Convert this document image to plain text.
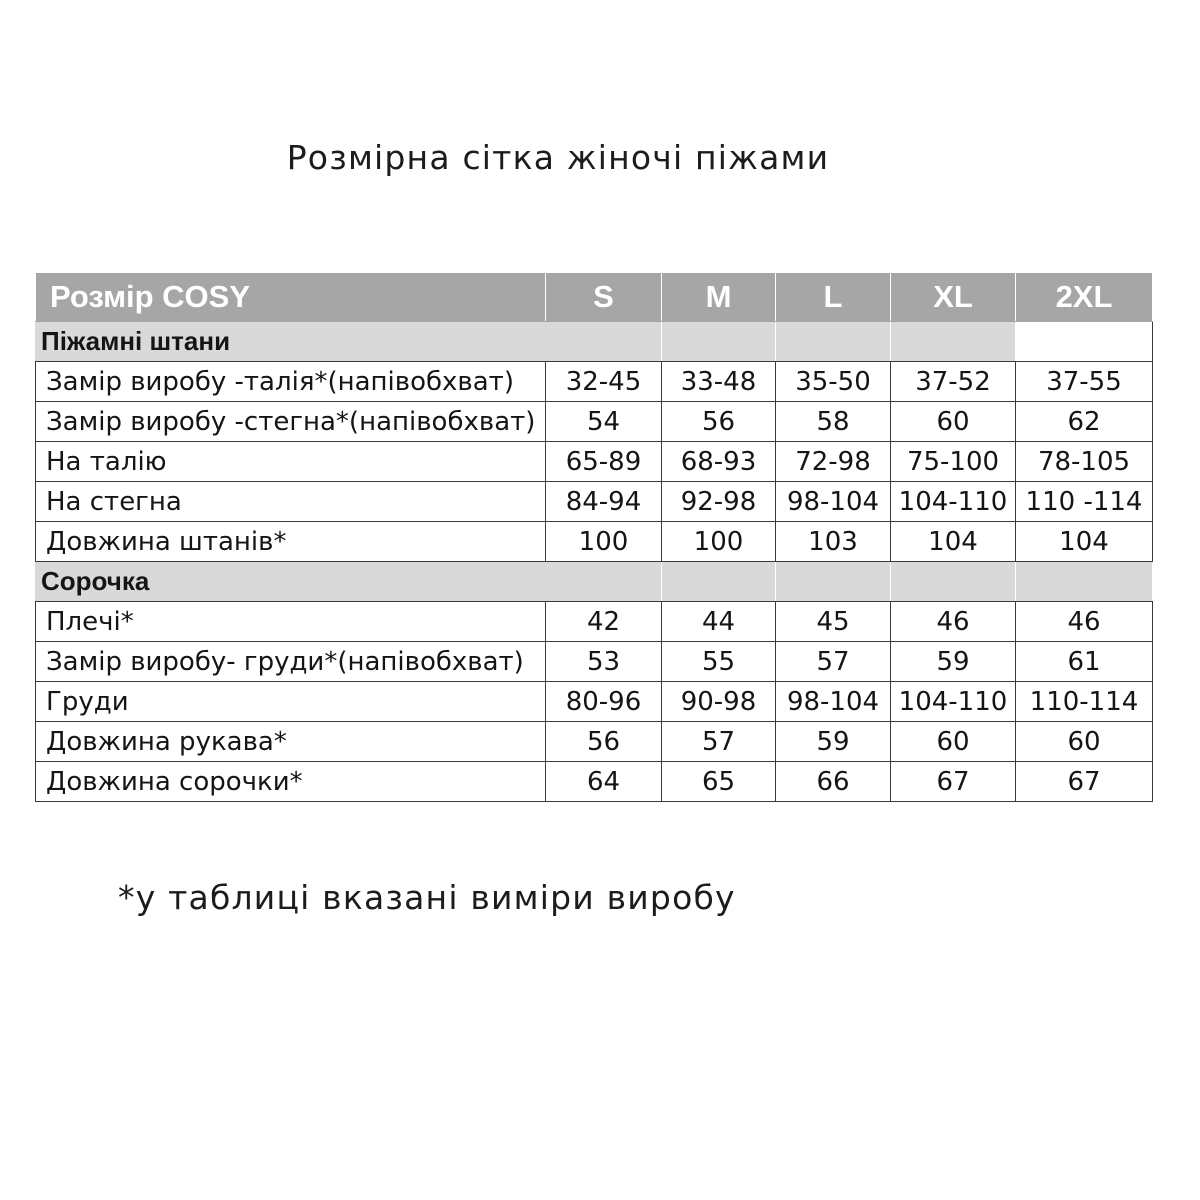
Розмірна сітка жіночі піжами
Розмір COSY	S	M	L	XL	2XL
Піжамні штани					
Замір виробу -талія*(напівобхват)	32-45	33-48	35-50	37-52	37-55
Замір виробу -стегна*(напівобхват)	54	56	58	60	62
На талію	65-89	68-93	72-98	75-100	78-105
На стегна	84-94	92-98	98-104	104-110	110 -114
Довжина штанів*	100	100	103	104	104
Сорочка					
Плечі*	42	44	45	46	46
Замір виробу- груди*(напівобхват)	53	55	57	59	61
Груди	80-96	90-98	98-104	104-110	110-114
Довжина рукава*	56	57	59	60	60
Довжина сорочки*	64	65	66	67	67

*у таблиці вказані виміри виробу
